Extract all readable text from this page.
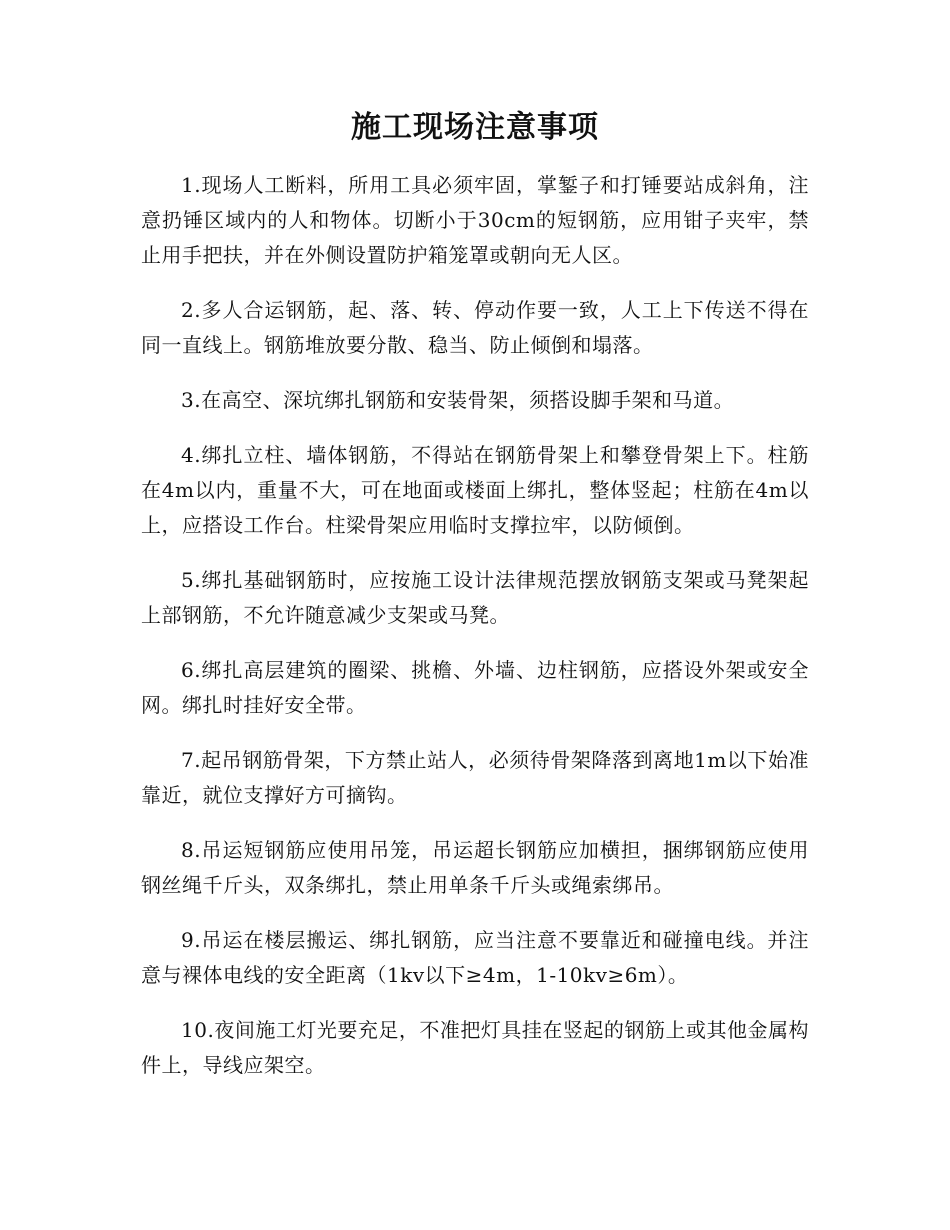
施工现场注意事项

1.现场人工断料，所用工具必须牢固，掌錾子和打锤要站成斜角，注意扔锤区域内的人和物体。切断小于30cm的短钢筋，应用钳子夹牢，禁止用手把扶，并在外侧设置防护箱笼罩或朝向无人区。

2.多人合运钢筋，起、落、转、停动作要一致，人工上下传送不得在同一直线上。钢筋堆放要分散、稳当、防止倾倒和塌落。

3.在高空、深坑绑扎钢筋和安装骨架，须搭设脚手架和马道。

4.绑扎立柱、墙体钢筋，不得站在钢筋骨架上和攀登骨架上下。柱筋在4m以内，重量不大，可在地面或楼面上绑扎，整体竖起；柱筋在4m以上，应搭设工作台。柱梁骨架应用临时支撑拉牢，以防倾倒。

5.绑扎基础钢筋时，应按施工设计法律规范摆放钢筋支架或马凳架起上部钢筋，不允许随意减少支架或马凳。

6.绑扎高层建筑的圈梁、挑檐、外墙、边柱钢筋，应搭设外架或安全网。绑扎时挂好安全带。

7.起吊钢筋骨架，下方禁止站人，必须待骨架降落到离地1m以下始准靠近，就位支撑好方可摘钩。

8.吊运短钢筋应使用吊笼，吊运超长钢筋应加横担，捆绑钢筋应使用钢丝绳千斤头，双条绑扎，禁止用单条千斤头或绳索绑吊。

9.吊运在楼层搬运、绑扎钢筋，应当注意不要靠近和碰撞电线。并注意与裸体电线的安全距离（1kv以下≥4m，1-10kv≥6m）。

10.夜间施工灯光要充足，不准把灯具挂在竖起的钢筋上或其他金属构件上，导线应架空。
